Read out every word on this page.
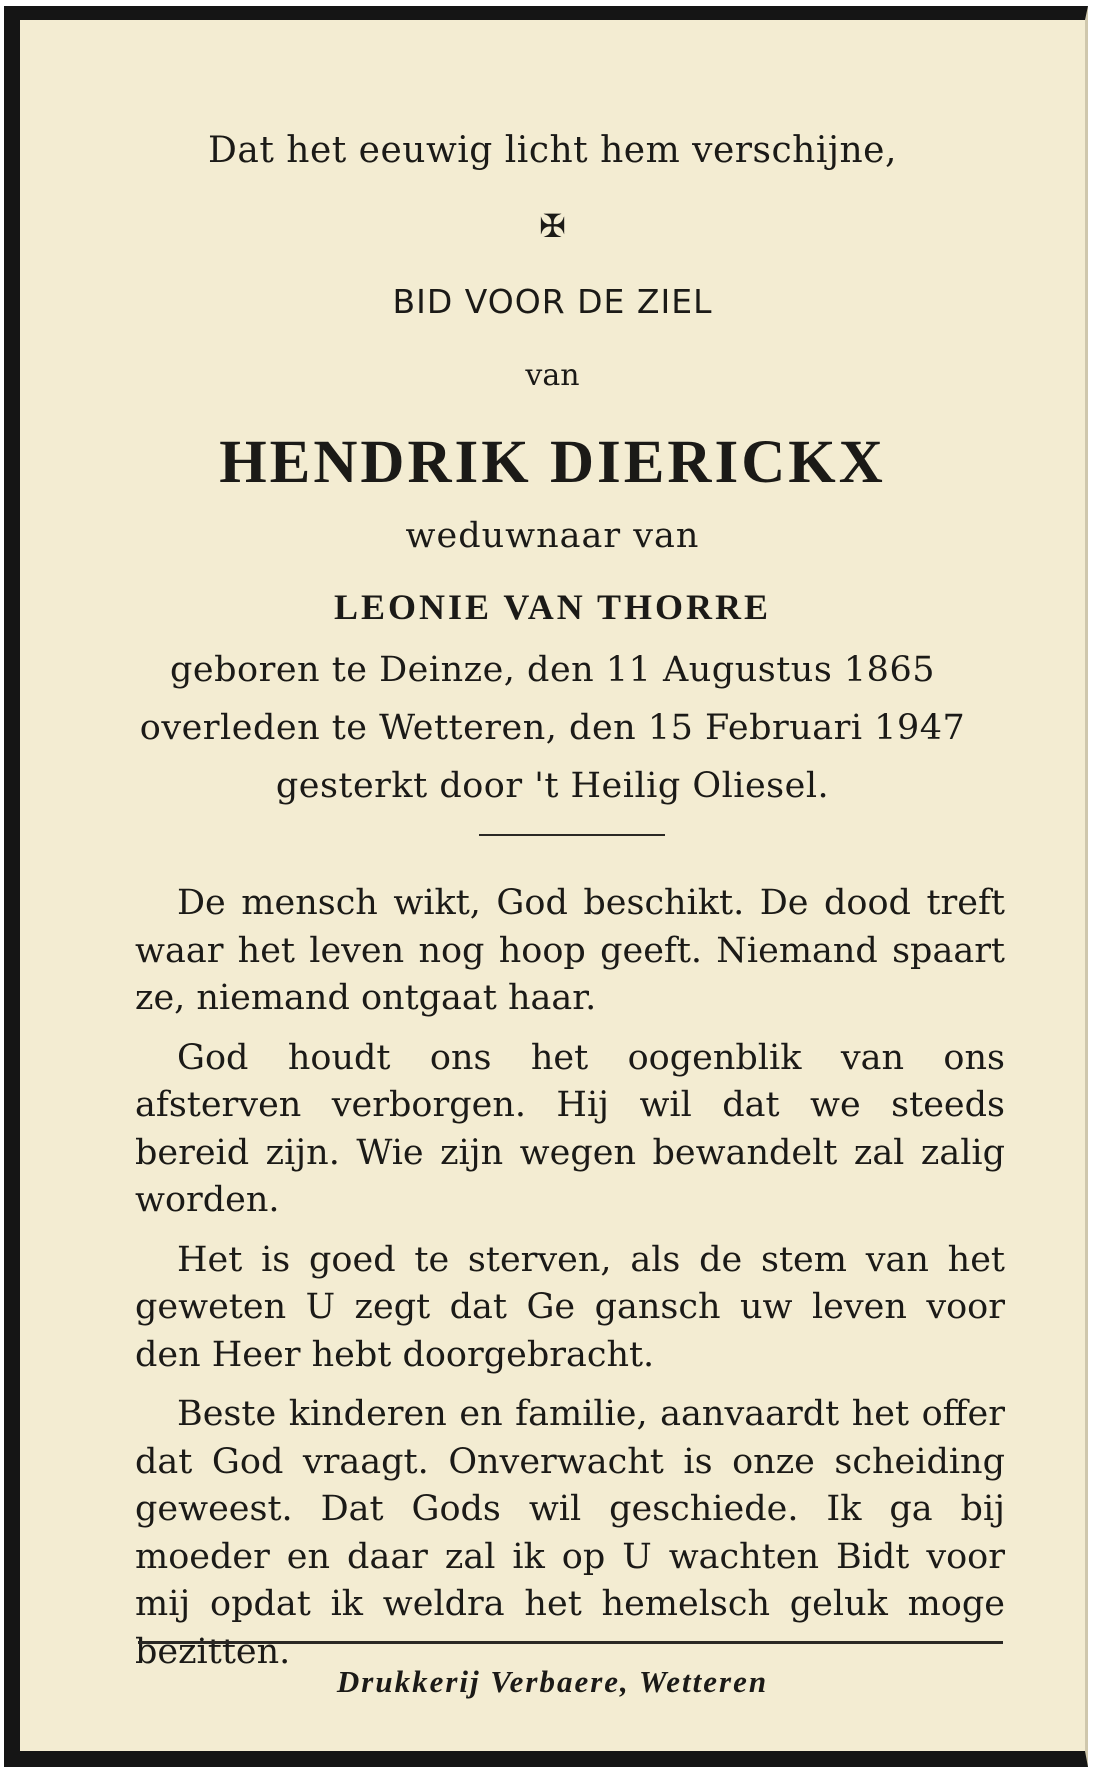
Dat het eeuwig licht hem verschijne,
✠
BID VOOR DE ZIEL
van
HENDRIK DIERICKX
weduwnaar van
LEONIE VAN THORRE
geboren te Deinze, den 11 Augustus 1865
overleden te Wetteren, den 15 Februari 1947
gesterkt door 't Heilig Oliesel.

De mensch wikt, God beschikt. De dood treft waar het leven nog hoop geeft. Niemand spaart ze, niemand ontgaat haar.

God houdt ons het oogenblik van ons afsterven verborgen. Hij wil dat we steeds bereid zijn. Wie zijn wegen bewandelt zal zalig worden.

Het is goed te sterven, als de stem van het geweten U zegt dat Ge gansch uw leven voor den Heer hebt doorgebracht.

Beste kinderen en familie, aanvaardt het offer dat God vraagt. Onverwacht is onze scheiding geweest. Dat Gods wil geschiede. Ik ga bij moeder en daar zal ik op U wachten Bidt voor mij opdat ik weldra het hemelsch geluk moge bezitten.

Drukkerij Verbaere, Wetteren
